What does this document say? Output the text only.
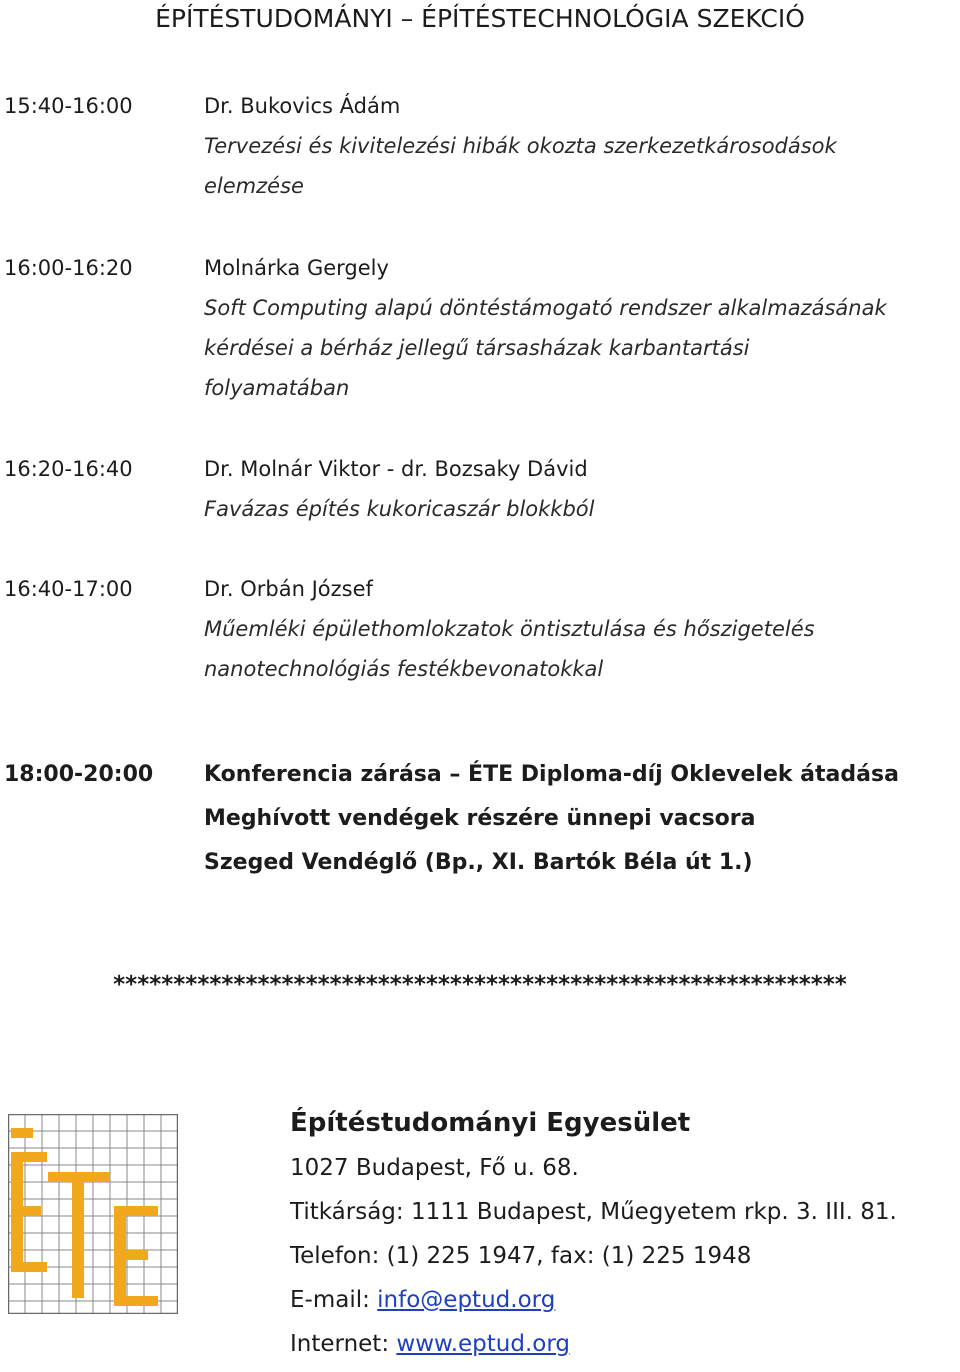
ÉPÍTÉSTUDOMÁNYI – ÉPÍTÉSTECHNOLÓGIA SZEKCIÓ
15:40-16:00	Dr. Bukovics Ádám
Tervezési és kivitelezési hibák okozta szerkezetkárosodások
elemzése
16:00-16:20	Molnárka Gergely
Soft Computing alapú döntéstámogató rendszer alkalmazásának
kérdései a bérház jellegű társasházak karbantartási
folyamatában
16:20-16:40	Dr. Molnár Viktor - dr. Bozsaky Dávid
Favázas építés kukoricaszár blokkból
16:40-17:00	Dr. Orbán József
Műemléki épülethomlokzatok öntisztulása és hőszigetelés
nanotechnológiás festékbevonatokkal
18:00-20:00 Konferencia zárása – ÉTE Diploma-díj Oklevelek átadása
Meghívott vendégek részére ünnepi vacsora
Szeged Vendéglő (Bp., XI. Bartók Béla út 1.)
*************************************************************
Építéstudományi Egyesület
1027 Budapest, Fő u. 68.
Titkárság: 1111 Budapest, Műegyetem rkp. 3. III. 81.
Telefon: (1) 225 1947, fax: (1) 225 1948
E-mail: info@eptud.org
Internet: www.eptud.org
